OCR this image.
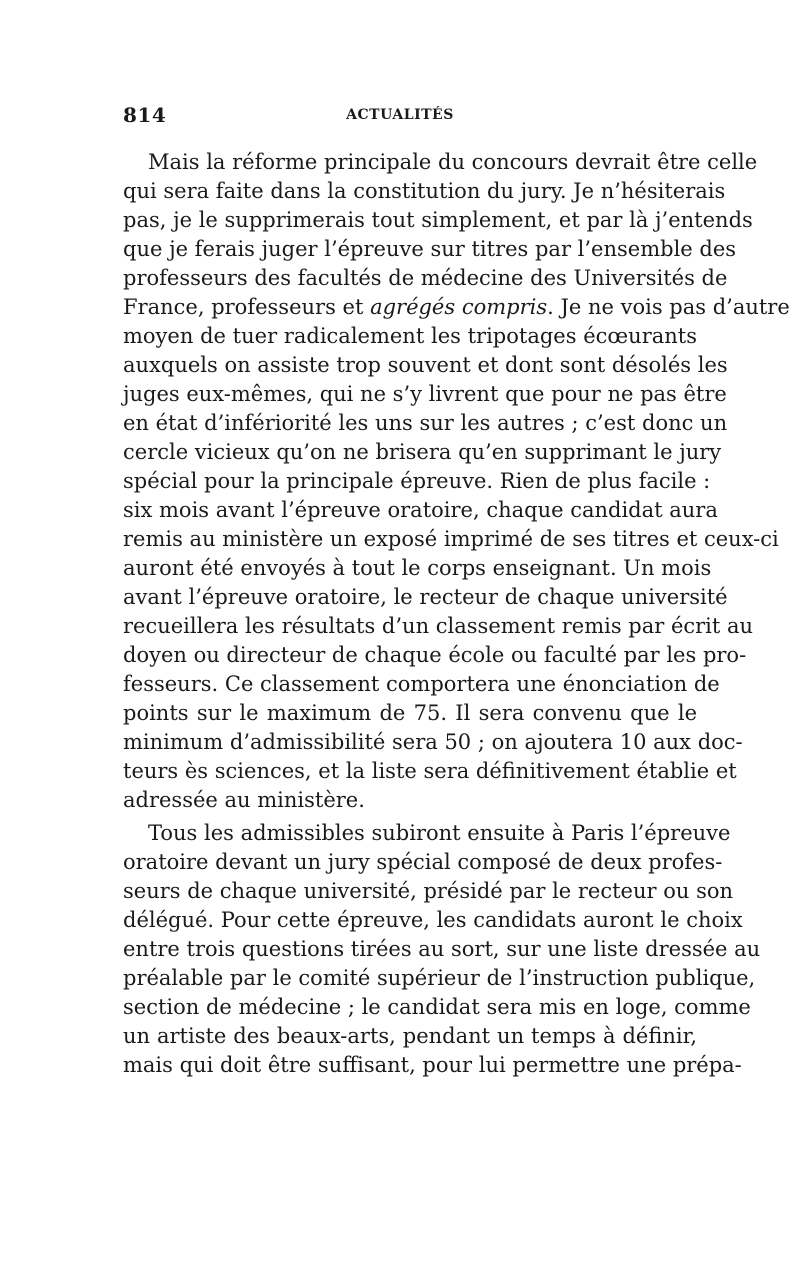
814	ACTUALITÉS
Mais la réforme principale du concours devrait être celle
qui sera faite dans la constitution du jury. Je n’hésiterais
pas, je le supprimerais tout simplement, et par là j’entends
que je ferais juger l’épreuve sur titres par l’ensemble des
professeurs des facultés de médecine des Universités de
France, professeurs et agrégés compris. Je ne vois pas d’autre
moyen de tuer radicalement les tripotages écœurants
auxquels on assiste trop souvent et dont sont désolés les
juges eux-mêmes, qui ne s’y livrent que pour ne pas être
en état d’infériorité les uns sur les autres ; c’est donc un
cercle vicieux qu’on ne brisera qu’en supprimant le jury
spécial pour la principale épreuve. Rien de plus facile :
six mois avant l’épreuve oratoire, chaque candidat aura
remis au ministère un exposé imprimé de ses titres et ceux-ci
auront été envoyés à tout le corps enseignant. Un mois
avant l’épreuve oratoire, le recteur de chaque université
recueillera les résultats d’un classement remis par écrit au
doyen ou directeur de chaque école ou faculté par les pro-
fesseurs. Ce classement comportera une énonciation de
points sur le maximum de 75. Il sera convenu que le
minimum d’admissibilité sera 50 ; on ajoutera 10 aux doc-
teurs ès sciences, et la liste sera définitivement établie et
adressée au ministère.
Tous les admissibles subiront ensuite à Paris l’épreuve
oratoire devant un jury spécial composé de deux profes-
seurs de chaque université, présidé par le recteur ou son
délégué. Pour cette épreuve, les candidats auront le choix
entre trois questions tirées au sort, sur une liste dressée au
préalable par le comité supérieur de l’instruction publique,
section de médecine ; le candidat sera mis en loge, comme
un artiste des beaux-arts, pendant un temps à définir,
mais qui doit être suffisant, pour lui permettre une prépa-
